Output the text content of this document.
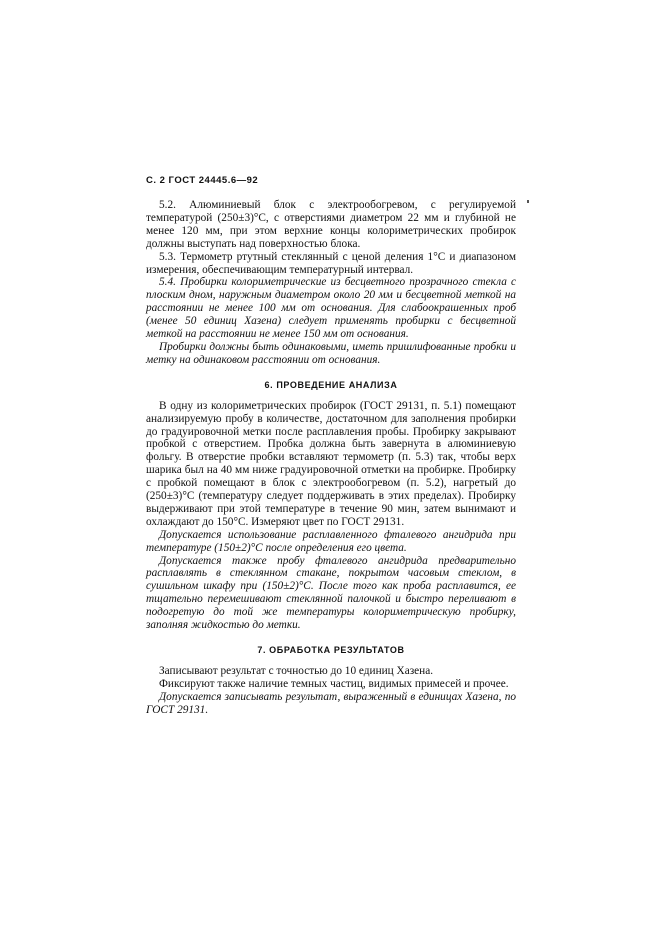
С. 2 ГОСТ 24445.6—92

5.2. Алюминиевый блок с электрообогревом, с регулируемой температурой (250±3)°С, с отверстиями диаметром 22 мм и глубиной не менее 120 мм, при этом верхние концы колориметрических пробирок должны выступать над поверхностью блока.

5.3. Термометр ртутный стеклянный с ценой деления 1°С и диапазоном измерения, обеспечивающим температурный интервал.

5.4. Пробирки колориметрические из бесцветного прозрачного стекла с плоским дном, наружным диаметром около 20 мм и бесцветной меткой на расстоянии не менее 100 мм от основания. Для слабоокрашенных проб (менее 50 единиц Хазена) следует применять пробирки с бесцветной меткой на расстоянии не менее 150 мм от основания.

Пробирки должны быть одинаковыми, иметь пришлифованные пробки и метку на одинаковом расстоянии от основания.

6. ПРОВЕДЕНИЕ АНАЛИЗА

В одну из колориметрических пробирок (ГОСТ 29131, п. 5.1) помещают анализируемую пробу в количестве, достаточном для заполнения пробирки до градуировочной метки после расплавления пробы. Пробирку закрывают пробкой с отверстием. Пробка должна быть завернута в алюминиевую фольгу. В отверстие пробки вставляют термометр (п. 5.3) так, чтобы верх шарика был на 40 мм ниже градуировочной отметки на пробирке. Пробирку с пробкой помещают в блок с электрообогревом (п. 5.2), нагретый до (250±3)°С (температуру следует поддерживать в этих пределах). Пробирку выдерживают при этой температуре в течение 90 мин, затем вынимают и охлаждают до 150°С. Измеряют цвет по ГОСТ 29131.

Допускается использование расплавленного фталевого ангидрида при температуре (150±2)°С после определения его цвета.

Допускается также пробу фталевого ангидрида предварительно расплавлять в стеклянном стакане, покрытом часовым стеклом, в сушильном шкафу при (150±2)°С. После того как проба расплавится, ее тщательно перемешивают стеклянной палочкой и быстро переливают в подогретую до той же температуры колориметрическую пробирку, заполняя жидкостью до метки.

7. ОБРАБОТКА РЕЗУЛЬТАТОВ

Записывают результат с точностью до 10 единиц Хазена.

Фиксируют также наличие темных частиц, видимых примесей и прочее.

Допускается записывать результат, выраженный в единицах Хазена, по ГОСТ 29131.
